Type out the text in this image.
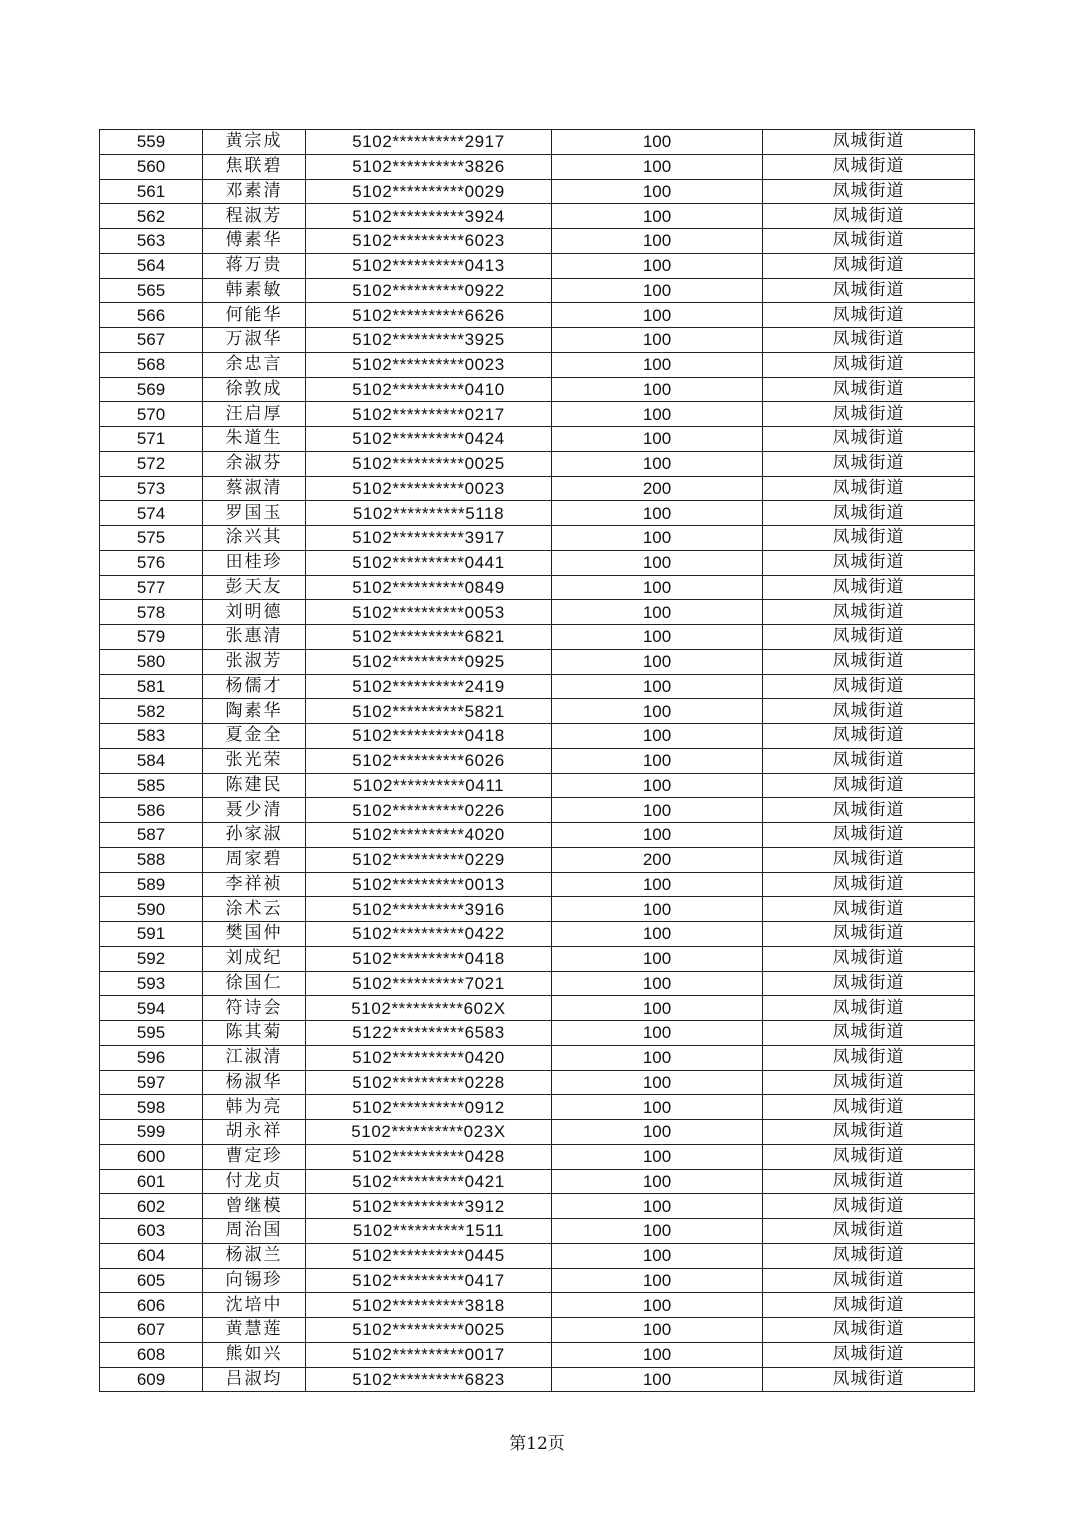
559	黄宗成	5102**********2917	100	凤城街道
560	焦联碧	5102**********3826	100	凤城街道
561	邓素清	5102**********0029	100	凤城街道
562	程淑芳	5102**********3924	100	凤城街道
563	傅素华	5102**********6023	100	凤城街道
564	蒋万贵	5102**********0413	100	凤城街道
565	韩素敏	5102**********0922	100	凤城街道
566	何能华	5102**********6626	100	凤城街道
567	万淑华	5102**********3925	100	凤城街道
568	余忠言	5102**********0023	100	凤城街道
569	徐敦成	5102**********0410	100	凤城街道
570	汪启厚	5102**********0217	100	凤城街道
571	朱道生	5102**********0424	100	凤城街道
572	余淑芬	5102**********0025	100	凤城街道
573	蔡淑清	5102**********0023	200	凤城街道
574	罗国玉	5102**********5118	100	凤城街道
575	涂兴其	5102**********3917	100	凤城街道
576	田桂珍	5102**********0441	100	凤城街道
577	彭天友	5102**********0849	100	凤城街道
578	刘明德	5102**********0053	100	凤城街道
579	张惠清	5102**********6821	100	凤城街道
580	张淑芳	5102**********0925	100	凤城街道
581	杨儒才	5102**********2419	100	凤城街道
582	陶素华	5102**********5821	100	凤城街道
583	夏金全	5102**********0418	100	凤城街道
584	张光荣	5102**********6026	100	凤城街道
585	陈建民	5102**********0411	100	凤城街道
586	聂少清	5102**********0226	100	凤城街道
587	孙家淑	5102**********4020	100	凤城街道
588	周家碧	5102**********0229	200	凤城街道
589	李祥祯	5102**********0013	100	凤城街道
590	涂术云	5102**********3916	100	凤城街道
591	樊国仲	5102**********0422	100	凤城街道
592	刘成纪	5102**********0418	100	凤城街道
593	徐国仁	5102**********7021	100	凤城街道
594	符诗会	5102**********602X	100	凤城街道
595	陈其菊	5122**********6583	100	凤城街道
596	江淑清	5102**********0420	100	凤城街道
597	杨淑华	5102**********0228	100	凤城街道
598	韩为亮	5102**********0912	100	凤城街道
599	胡永祥	5102**********023X	100	凤城街道
600	曹定珍	5102**********0428	100	凤城街道
601	付龙贞	5102**********0421	100	凤城街道
602	曾继模	5102**********3912	100	凤城街道
603	周治国	5102**********1511	100	凤城街道
604	杨淑兰	5102**********0445	100	凤城街道
605	向锡珍	5102**********0417	100	凤城街道
606	沈培中	5102**********3818	100	凤城街道
607	黄慧莲	5102**********0025	100	凤城街道
608	熊如兴	5102**********0017	100	凤城街道
609	吕淑均	5102**********6823	100	凤城街道
第12页
